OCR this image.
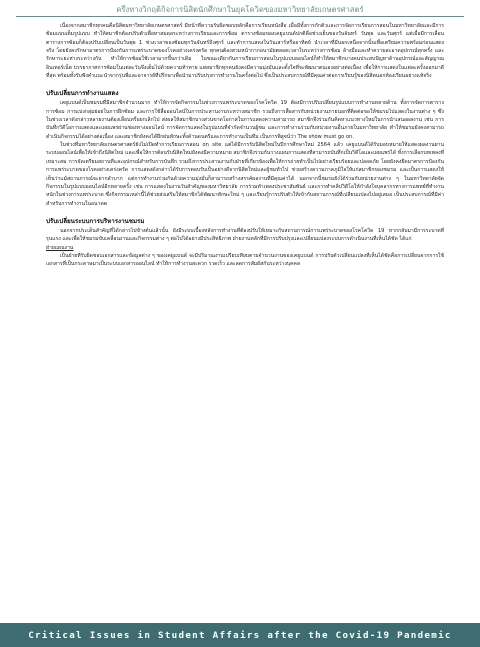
ครึ่งทางวิกฤติกิจการนิสิตนักศึกษาในยุคโควิดของมหาวิทยาลัยเกษตรศาสตร์

เนื่องจากสมาชิกทุกคนคือนิสิตมหาวิทยาลัยเกษตรศาสตร์ มีหน้าที่ความรับผิดชอบหลักคือการเรียนหนังสือ เมื่อมีทั้งการกักตัวและการจัดการเรียนการสอนในมหาวิทยาลัยและมีการซ้อมแบบเต็มรูปแบบ ทำให้สมาชิกต้องปรับตัวเพื่อหาสมดุลระหว่างการเรียนและการซ้อม ตารางซ้อมของเคยูแบนด์ปกติคือช่วงเย็นของวันจันทร์ วันพุธ และวันศุกร์ แต่เมื่อมีการเลื่อนตารางการซ้อมก็ต้องปรับเปลี่ยนเป็นวันพุธ 1 ช่วงเวลาของซ้อมทุกวันจันทร์ถึงศุกร์ และทำการแสดงในวันเสาร์หรืออาทิตย์ นำเวลาที่มีนอกเหนือจากนั้นเพื่อเตรียมความพร้อมก่อนแสดงจริง โดยยังคงรักษามาตรการป้องกันการแพร่ระบาดของโรคอย่างเคร่งครัด ทุกคนต้องสวมหน้ากากอนามัยตลอดเวลาในระหว่างการซ้อม ล้างมือและทำความสะอาดอุปกรณ์ทุกครั้ง และรักษาระยะห่างระหว่างกัน ทำให้การซ้อมใช้เวลามากขึ้นกว่าเดิม ในขณะเดียวกันการเรียนการสอนในรูปแบบออนไลน์ก็ทำให้สมาชิกบางคนประสบปัญหาด้านอุปกรณ์และสัญญาณอินเทอร์เน็ต บรรยากาศการซ้อมในแต่ละวันจึงเต็มไปด้วยความท้าทาย แต่สมาชิกทุกคนยังคงมีความมุ่งมั่นและตั้งใจที่จะพัฒนาตนเองอย่างต่อเนื่อง เพื่อให้การแสดงในแต่ละครั้งออกมาดีที่สุด พร้อมทั้งรับฟังคำแนะนำจากรุ่นพี่และอาจารย์ที่ปรึกษาเพื่อนำมาปรับปรุงการทำงานในครั้งต่อไป ซึ่งเป็นประสบการณ์ที่มีคุณค่าต่อการเรียนรู้ของนิสิตนอกห้องเรียนอย่างแท้จริง

ปรับเปลี่ยนการทำงานแสดง

เคยูแบนด์เป็นชมรมที่มีสมาชิกจำนวนมาก ทำให้การจัดกิจกรรมในช่วงการแพร่ระบาดของโรคโควิด 19 ต้องมีการปรับเปลี่ยนรูปแบบการทำงานหลายด้าน ทั้งการจัดการตารางการซ้อม การแบ่งกลุ่มย่อยในการฝึกซ้อม และการใช้สื่อออนไลน์ในการประสานงานระหว่างสมาชิก รวมถึงการสื่อสารกับหน่วยงานภายนอกที่ติดต่อขอให้ชมรมไปแสดงในงานต่าง ๆ ซึ่งในช่วงเวลาดังกล่าวหลายงานต้องเลื่อนหรือยกเลิกไป ส่งผลให้สมาชิกบางส่วนขาดโอกาสในการแสดงความสามารถ สมาชิกจึงร่วมกันคิดหาแนวทางใหม่ในการนำเสนอผลงาน เช่น การบันทึกวิดีโอการแสดงและเผยแพร่ผ่านช่องทางออนไลน์ การจัดการแสดงในรูปแบบที่จำกัดจำนวนผู้ชม และการทำงานร่วมกับหน่วยงานอื่นภายในมหาวิทยาลัย ทำให้ชมรมยังคงสามารถดำเนินกิจกรรมได้อย่างต่อเนื่อง และสมาชิกยังคงได้ฝึกฝนทักษะทั้งด้านดนตรีและการทำงานเป็นทีม เป็นการพิสูจน์ว่า The show must go on.

ในช่วงที่มหาวิทยาลัยเกษตรศาสตร์ยังไม่เปิดทำการเรียนการสอน on site แต่ได้มีการรับนิสิตใหม่ในปีการศึกษาใหม่ 2564 แล้ว เคยูแบนด์ได้รับมอบหมายให้แสดงผลงานผ่านระบบออนไลน์เพื่อให้เข้าถึงนิสิตใหม่ และเพื่อให้การต้อนรับนิสิตใหม่ยังคงมีความหมาย สมาชิกจึงร่วมกันวางแผนการแสดงที่สามารถบันทึกเป็นวิดีโอและเผยแพร่ได้ ทั้งการเลือกบทเพลงที่เหมาะสม การจัดเตรียมสถานที่และอุปกรณ์สำหรับการบันทึก รวมถึงการประสานงานกับฝ่ายที่เกี่ยวข้องเพื่อให้การถ่ายทำเป็นไปอย่างเรียบร้อยและปลอดภัย โดยยังคงยึดมาตรการป้องกันการแพร่ระบาดของโรคอย่างเคร่งครัด การแสดงดังกล่าวได้รับการตอบรับเป็นอย่างดีจากนิสิตใหม่และผู้ชมทั่วไป ช่วยสร้างความภาคภูมิใจให้แก่สมาชิกของชมรม และเป็นการแสดงให้เห็นว่าแม้สถานการณ์จะยากลำบาก แต่การทำงานร่วมกันด้วยความมุ่งมั่นก็สามารถสร้างสรรค์ผลงานที่มีคุณค่าได้ นอกจากนี้ชมรมยังได้ร่วมกับหน่วยงานต่าง ๆ ในมหาวิทยาลัยจัดกิจกรรมในรูปแบบออนไลน์อีกหลายครั้ง เช่น การแสดงในงานวันสำคัญของมหาวิทยาลัย การร่วมทำเพลงประชาสัมพันธ์ และการทำคลิปวิดีโอให้กำลังใจบุคลากรทางการแพทย์ที่ทำงานหนักในช่วงการแพร่ระบาด ซึ่งกิจกรรมเหล่านี้ได้ช่วยส่งเสริมให้สมาชิกได้พัฒนาทักษะใหม่ ๆ และเรียนรู้การปรับตัวให้เข้ากับสถานการณ์ที่เปลี่ยนแปลงไปอยู่เสมอ เป็นประสบการณ์ที่มีค่าสำหรับการทำงานในอนาคต

ปรับเปลี่ยนระบบการบริหารงานชมรม

นอกจากประเด็นสำคัญที่ได้กล่าวไปข้างต้นแล้วนั้น ยังมีระบบเบื้องหลังการทำงานที่ต้องปรับให้เหมาะกับสถานการณ์การแพร่ระบาดของโรคโควิด 19 หากกลับมามีการระบาดที่รุนแรง และเพื่อให้ชมรมขับเคลื่อนงานและกิจกรรมต่าง ๆ ต่อไปได้อย่างมีประสิทธิภาพ ฝ่ายงานหลักที่มีการปรับปรุงและเปลี่ยนแปลงระบบการดำเนินงานที่เห็นได้ชัด ได้แก่

ฝ่ายแผนงาน

เป็นฝ่ายที่รับผิดชอบเอกสารและข้อมูลต่าง ๆ ของเคยูแบนด์ จะมีปริมาณงานเปรียบเทียบตามจำนวนงานของเคยูแบนด์ การปรับตัวเปลี่ยนแปลงที่เห็นได้ชัดคือการเปลี่ยนจากการใช้เอกสารที่เป็นกระดาษมาเป็นระบบเอกสารออนไลน์ ทำให้การทำงานสะดวก รวดเร็ว และลดการสัมผัสกันระหว่างบุคคล

Critical Issues in Student Affairs after the Covid-19 Pandemic
